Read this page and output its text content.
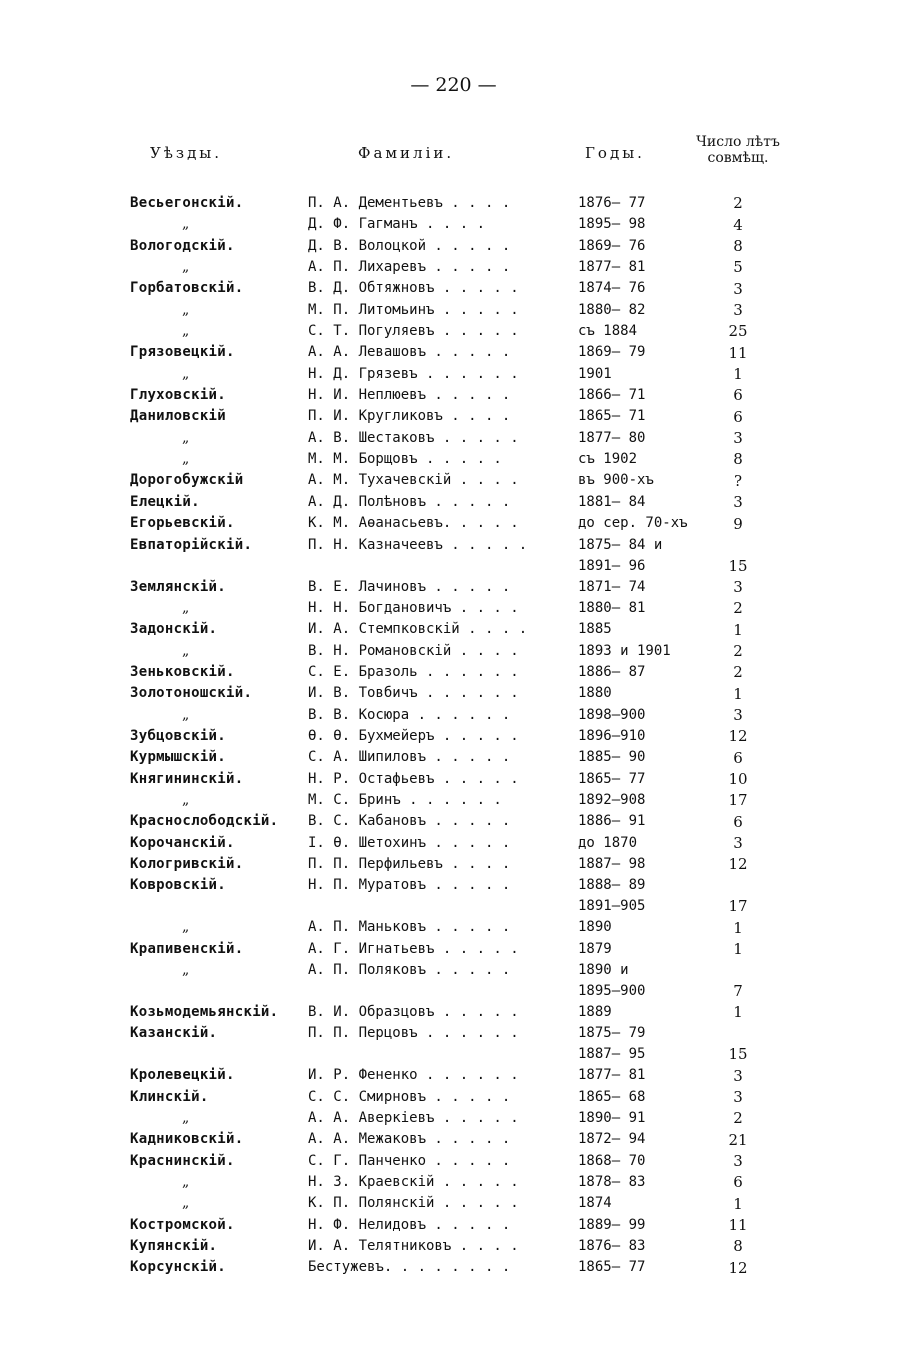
— 220 —
Уѣзды.	Фамиліи.	Годы.
Число лѣтъ
совмѣщ.
Весьегонскій.	П. А. Дементьевъ . . . .	1876— 77	2
„	Д. Ф. Гагманъ . . . .	1895— 98	4
Вологодскій.	Д. В. Волоцкой . . . . .	1869— 76	8
„	А. П. Лихаревъ . . . . .	1877— 81	5
Горбатовскій.	В. Д. Обтяжновъ . . . . .	1874— 76	3
„	М. П. Литомьинъ . . . . .	1880— 82	3
„	С. Т. Погуляевъ . . . . .	съ 1884	25
Грязовецкій.	А. А. Левашовъ . . . . .	1869— 79	11
„	Н. Д. Грязевъ . . . . . .	1901	1
Глуховскій.	Н. И. Неплюевъ . . . . .	1866— 71	6
Даниловскій	П. И. Кругликовъ . . . .	1865— 71	6
„	А. В. Шестаковъ . . . . .	1877— 80	3
„	М. М. Борщовъ . . . . .	съ 1902	8
Дорогобужскій	А. М. Тухачевскій . . . .	въ 900-хъ	?
Елецкій.	А. Д. Полѣновъ . . . . .	1881— 84	3
Егорьевскій.	К. М. Аѳанасьевъ. . . . .	до сер. 70-хъ	9
Евпаторійскій.	П. Н. Казначеевъ . . . . .	1875— 84 и
1891— 96	15
Землянскій.	В. Е. Лачиновъ . . . . .	1871— 74	3
„	Н. Н. Богдановичъ . . . .	1880— 81	2
Задонскій.	И. А. Стемпковскій . . . .	1885	1
„	В. Н. Романовскій . . . .	1893 и 1901	2
Зеньковскій.	С. Е. Бразоль . . . . . .	1886— 87	2
Золотоношскій.	И. В. Товбичъ . . . . . .	1880	1
„	В. В. Косюра . . . . . .	1898—900	3
Зубцовскій.	Ѳ. Ѳ. Бухмейеръ . . . . .	1896—910	12
Курмышскій.	С. А. Шипиловъ . . . . .	1885— 90	6
Княгининскій.	Н. Р. Остафьевъ . . . . .	1865— 77	10
„	М. С. Бринъ . . . . . .	1892—908	17
Краснослободскій.	В. С. Кабановъ . . . . .	1886— 91	6
Корочанскій.	І. Ѳ. Шетохинъ . . . . .	до 1870	3
Кологривскій.	П. П. Перфильевъ . . . .	1887— 98	12
Ковровскій.	Н. П. Муратовъ . . . . .	1888— 89
1891—905	17
„	А. П. Маньковъ . . . . .	1890	1
Крапивенскій.	А. Г. Игнатьевъ . . . . .	1879	1
„	А. П. Поляковъ . . . . .	1890 и
1895—900	7
Козьмодемьянскій.	В. И. Образцовъ . . . . .	1889	1
Казанскій.	П. П. Перцовъ . . . . . .	1875— 79
1887— 95	15
Кролевецкій.	И. Р. Фененко . . . . . .	1877— 81	3
Клинскій.	С. С. Смирновъ . . . . .	1865— 68	3
„	А. А. Аверкіевъ . . . . .	1890— 91	2
Кадниковскій.	А. А. Межаковъ . . . . .	1872— 94	21
Краснинскій.	С. Г. Панченко . . . . .	1868— 70	3
„	Н. З. Краевскій . . . . .	1878— 83	6
„	К. П. Полянскій . . . . .	1874	1
Костромской.	Н. Ф. Нелидовъ . . . . .	1889— 99	11
Купянскій.	И. А. Телятниковъ . . . .	1876— 83	8
Корсунскій.	Бестужевъ. . . . . . . .	1865— 77	12
